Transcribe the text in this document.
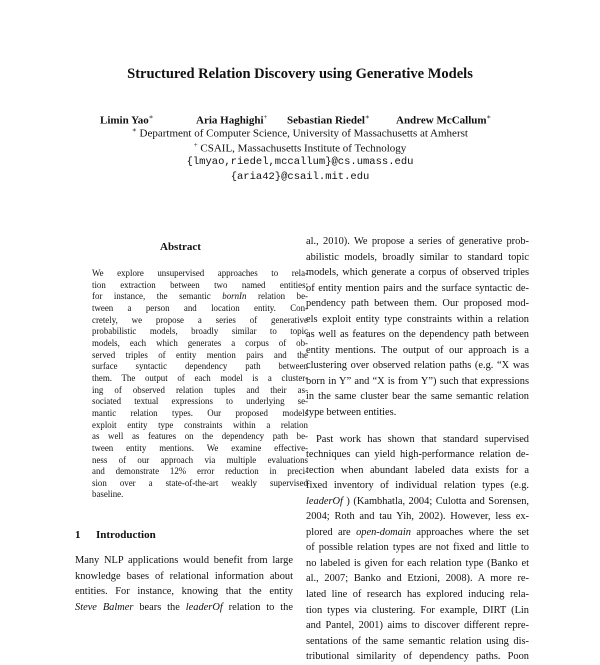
Structured Relation Discovery using Generative Models
Limin Yao∗	Aria Haghighi+ Sebastian Riedel∗ Andrew McCallum∗
∗ Department of Computer Science, University of Massachusetts at Amherst
+ CSAIL, Massachusetts Institute of Technology
{lmyao,riedel,mccallum}@cs.umass.edu
{aria42}@csail.mit.edu
Abstract
We explore unsupervised approaches to rela-
tion extraction between two named entities;
for instance, the semantic bornIn relation be-
tween a person and location entity. Con-
cretely, we propose a series of generative
probabilistic models, broadly similar to topic
models, each which generates a corpus of ob-
served triples of entity mention pairs and the
surface syntactic dependency path between
them. The output of each model is a cluster-
ing of observed relation tuples and their as-
sociated textual expressions to underlying se-
mantic relation types. Our proposed models
exploit entity type constraints within a relation
as well as features on the dependency path be-
tween entity mentions. We examine effective-
ness of our approach via multiple evaluations
and demonstrate 12% error reduction in preci-
sion over a state-of-the-art weakly supervised
baseline.
1 Introduction
Many NLP applications would benefit from large
knowledge bases of relational information about
entities. For instance, knowing that the entity
Steve Balmer bears the leaderOf relation to the
al., 2010). We propose a series of generative prob-
abilistic models, broadly similar to standard topic
models, which generate a corpus of observed triples
of entity mention pairs and the surface syntactic de-
pendency path between them. Our proposed mod-
els exploit entity type constraints within a relation
as well as features on the dependency path between
entity mentions. The output of our approach is a
clustering over observed relation paths (e.g. “X was
born in Y” and “X is from Y”) such that expressions
in the same cluster bear the same semantic relation
type between entities.
Past work has shown that standard supervised
techniques can yield high-performance relation de-
tection when abundant labeled data exists for a
fixed inventory of individual relation types (e.g.
leaderOf ) (Kambhatla, 2004; Culotta and Sorensen,
2004; Roth and tau Yih, 2002). However, less ex-
plored are open-domain approaches where the set
of possible relation types are not fixed and little to
no labeled is given for each relation type (Banko et
al., 2007; Banko and Etzioni, 2008). A more re-
lated line of research has explored inducing rela-
tion types via clustering. For example, DIRT (Lin
and Pantel, 2001) aims to discover different repre-
sentations of the same semantic relation using dis-
tributional similarity of dependency paths. Poon
